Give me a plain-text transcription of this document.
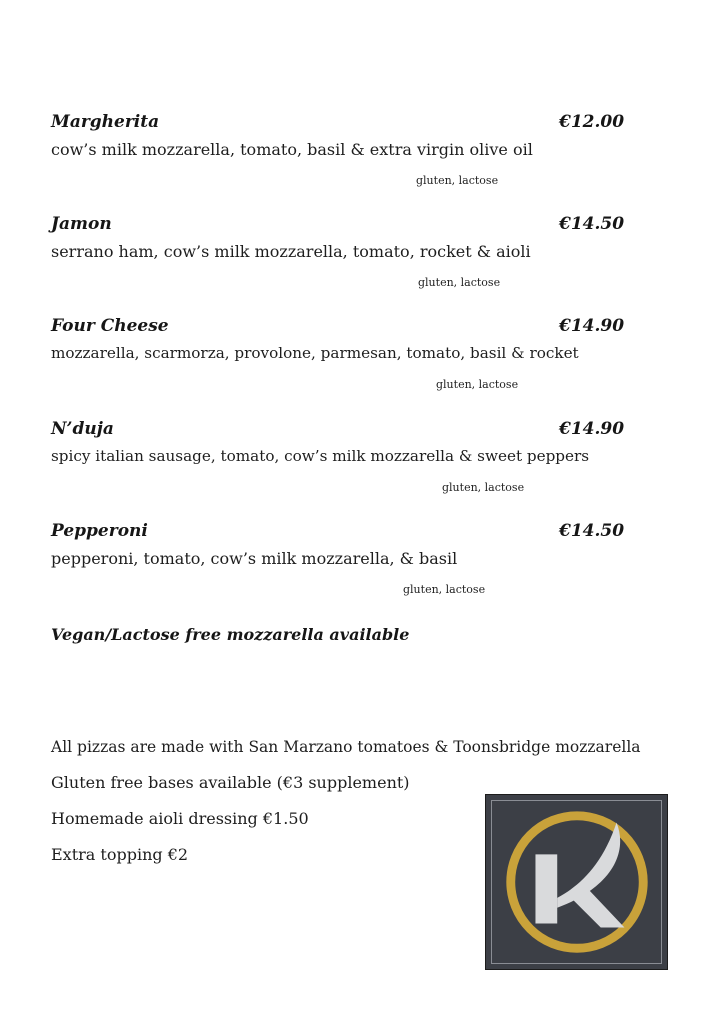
Margherita	€12.00
cow’s milk mozzarella, tomato, basil & extra virgin olive oil
gluten, lactose
Jamon	€14.50
serrano ham, cow’s milk mozzarella, tomato, rocket & aioli
gluten, lactose
Four Cheese	€14.90
mozzarella, scarmorza, provolone, parmesan, tomato, basil & rocket
gluten, lactose
N’duja	€14.90
spicy italian sausage, tomato, cow’s milk mozzarella & sweet peppers
gluten, lactose
Pepperoni	€14.50
pepperoni, tomato, cow’s milk mozzarella, & basil
gluten, lactose
Vegan/Lactose free mozzarella available
All pizzas are made with San Marzano tomatoes & Toonsbridge mozzarella
Gluten free bases available (€3 supplement)
Homemade aioli dressing €1.50
Extra topping €2
